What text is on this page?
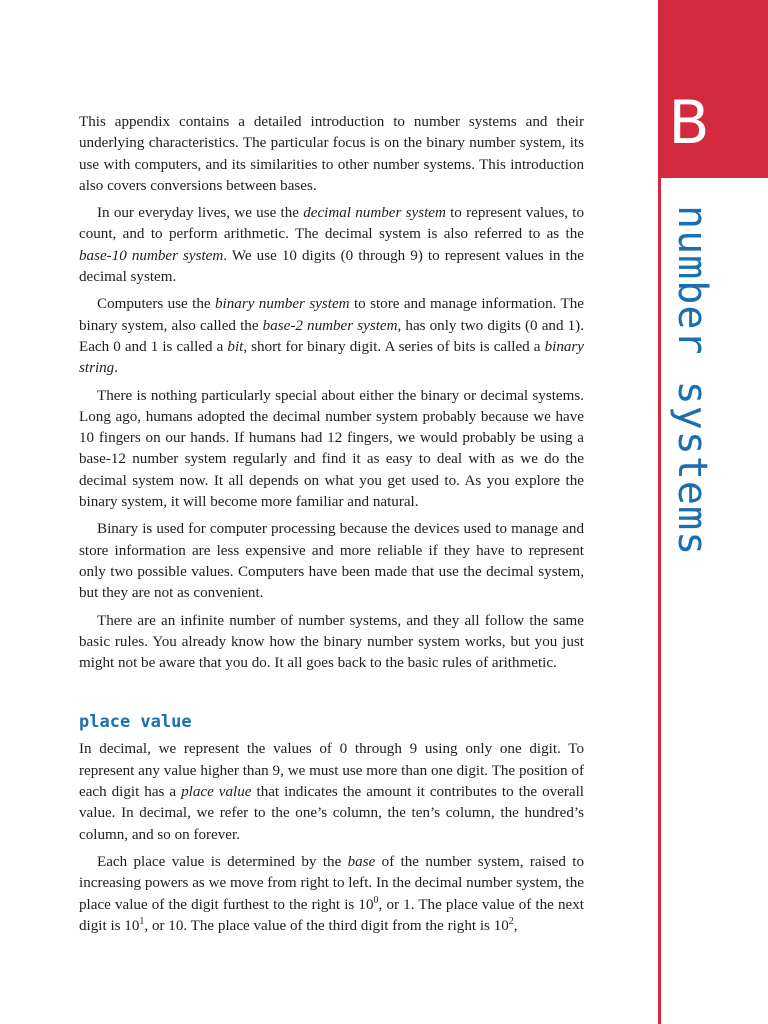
B
number systems

This appendix contains a detailed introduction to number systems and their underlying characteristics. The particular focus is on the binary number system, its use with computers, and its similarities to other number systems. This introduction also covers conversions between bases.

In our everyday lives, we use the decimal number system to represent values, to count, and to perform arithmetic. The decimal system is also referred to as the base-10 number system. We use 10 digits (0 through 9) to represent values in the decimal system.

Computers use the binary number system to store and manage information. The binary system, also called the base-2 number system, has only two digits (0 and 1). Each 0 and 1 is called a bit, short for binary digit. A series of bits is called a binary string.

There is nothing particularly special about either the binary or decimal systems. Long ago, humans adopted the decimal number system probably because we have 10 fingers on our hands. If humans had 12 fingers, we would probably be using a base-12 number system regularly and find it as easy to deal with as we do the decimal system now. It all depends on what you get used to. As you explore the binary system, it will become more familiar and natural.

Binary is used for computer processing because the devices used to manage and store information are less expensive and more reliable if they have to represent only two possible values. Computers have been made that use the decimal system, but they are not as convenient.

There are an infinite number of number systems, and they all follow the same basic rules. You already know how the binary number system works, but you just might not be aware that you do. It all goes back to the basic rules of arithmetic.

place value

In decimal, we represent the values of 0 through 9 using only one digit. To represent any value higher than 9, we must use more than one digit. The position of each digit has a place value that indicates the amount it contributes to the overall value. In decimal, we refer to the one’s column, the ten’s column, the hundred’s column, and so on forever.

Each place value is determined by the base of the number system, raised to increasing powers as we move from right to left. In the decimal number system, the place value of the digit furthest to the right is $10^0$, or 1. The place value of the next digit is $10^1$, or 10. The place value of the third digit from the right is $10^2$,
